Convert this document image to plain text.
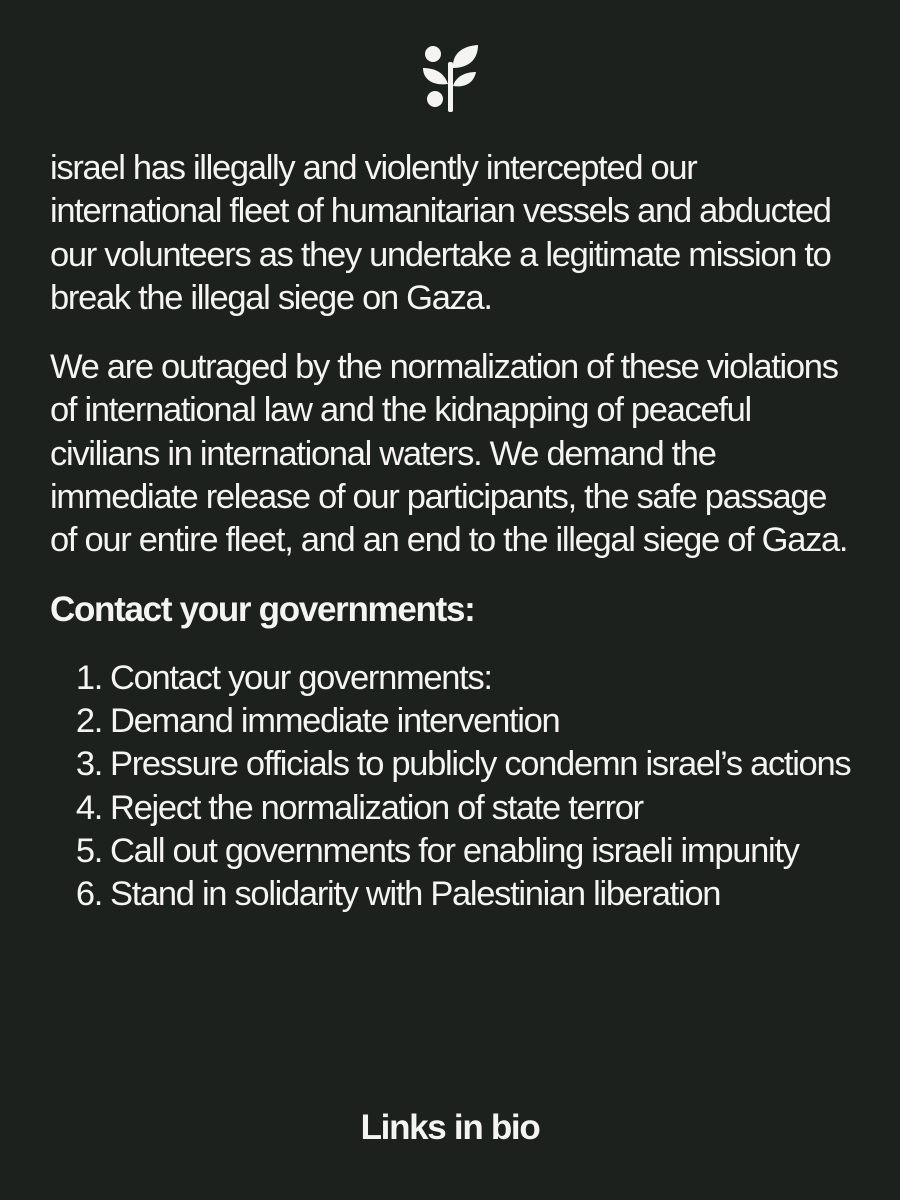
israel has illegally and violently intercepted our international fleet of humanitarian vessels and abducted our volunteers as they undertake a legitimate mission to break the illegal siege on Gaza.

We are outraged by the normalization of these violations of international law and the kidnapping of peaceful civilians in international waters. We demand the immediate release of our participants, the safe passage of our entire fleet, and an end to the illegal siege of Gaza.

Contact your governments:
1. Contact your governments:
2. Demand immediate intervention
3. Pressure officials to publicly condemn israel’s actions
4. Reject the normalization of state terror
5. Call out governments for enabling israeli impunity
6. Stand in solidarity with Palestinian liberation
Links in bio
